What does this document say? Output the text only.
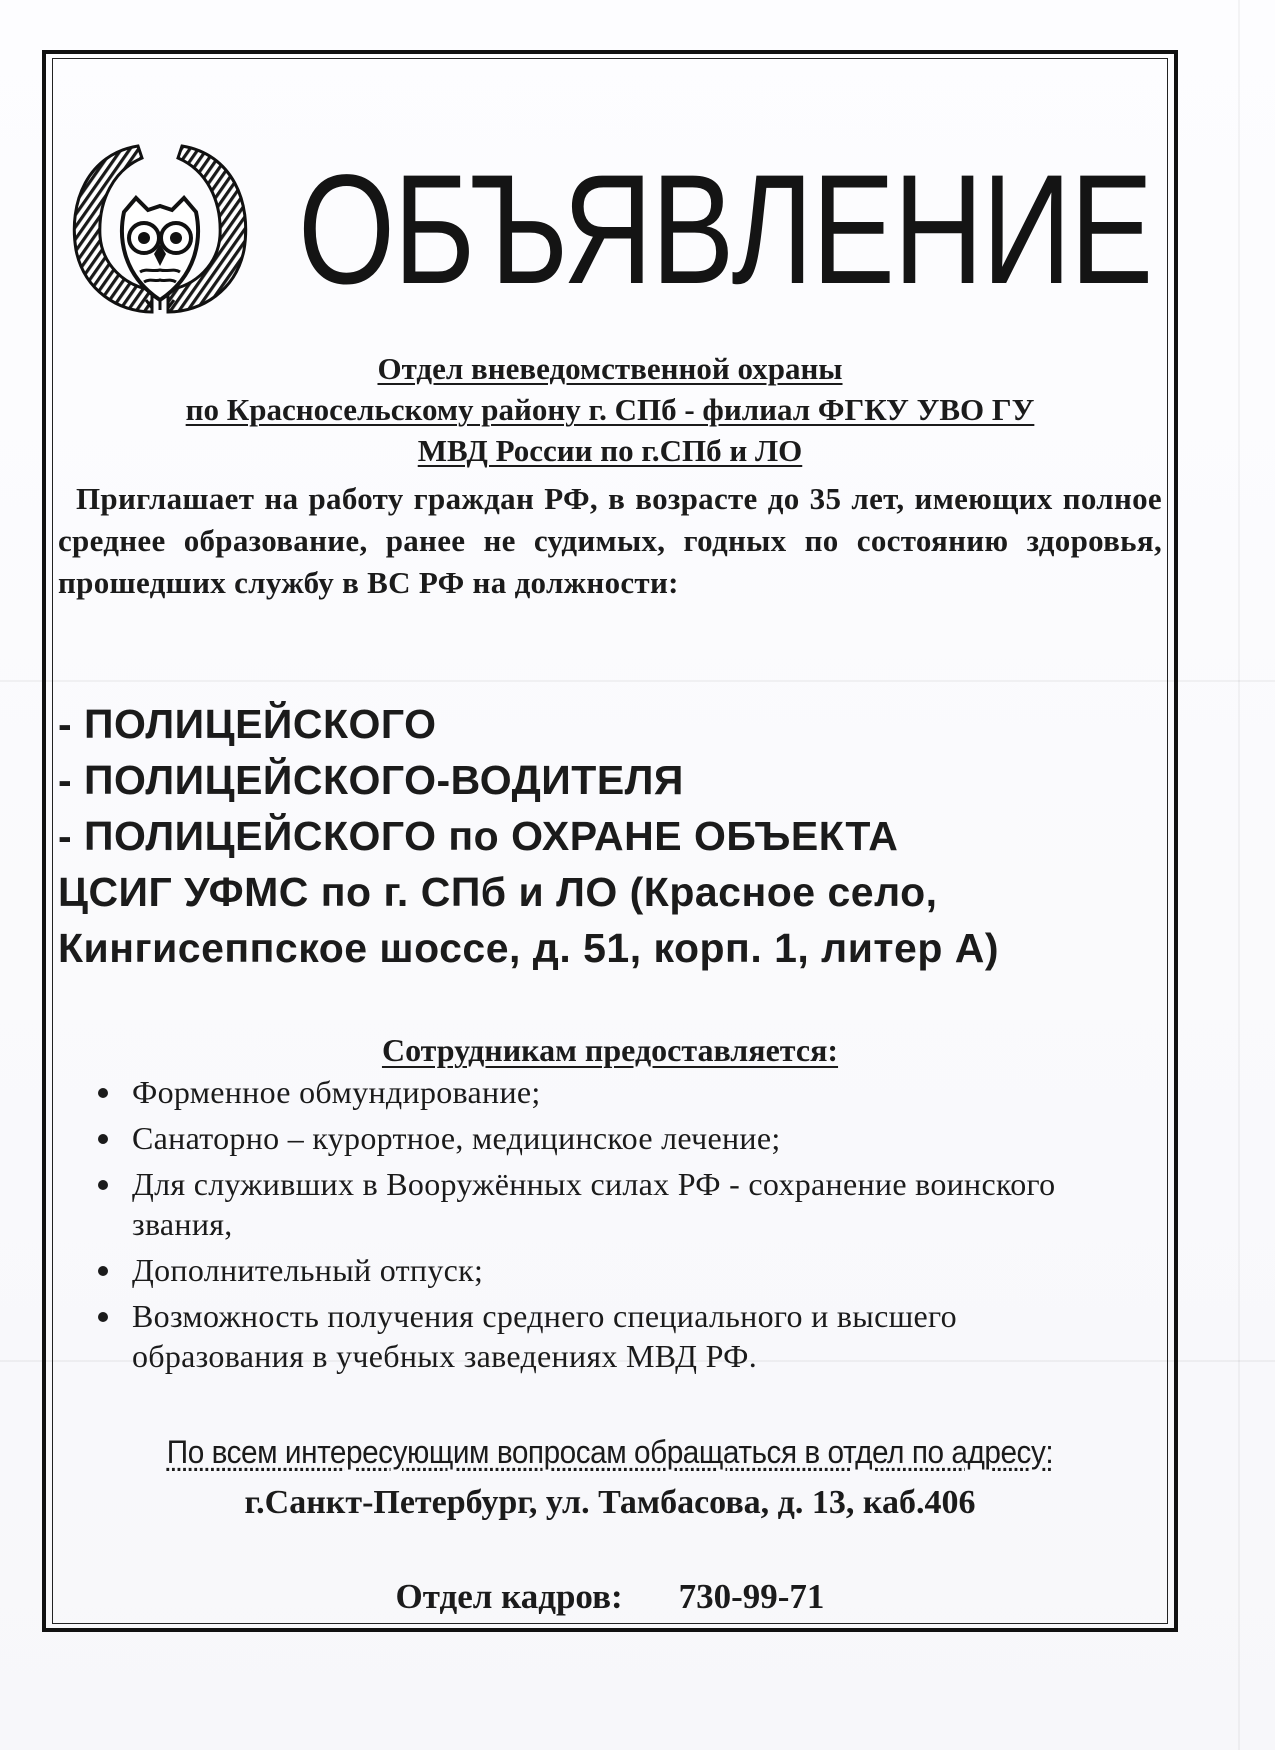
ОБЪЯВЛЕНИЕ
Отдел вневедомственной охраны
по Красносельскому району г. СПб - филиал ФГКУ УВО ГУ
МВД России по г.СПб и ЛО
Приглашает на работу граждан РФ, в возрасте до 35 лет, имеющих полное среднее образование, ранее не судимых, годных по состоянию здоровья, прошедших службу в ВС РФ на должности:
- ПОЛИЦЕЙСКОГО
- ПОЛИЦЕЙСКОГО-ВОДИТЕЛЯ
- ПОЛИЦЕЙСКОГО по ОХРАНЕ ОБЪЕКТА
ЦСИГ УФМС по г. СПб и ЛО (Красное село,
Кингисеппское шоссе, д. 51, корп. 1, литер А)
Сотрудникам предоставляется:
Форменное обмундирование;
Санаторно – курортное, медицинское лечение;
Для служивших в Вооружённых силах РФ - сохранение воинского звания,
Дополнительный отпуск;
Возможность получения среднего специального и высшего образования в учебных заведениях МВД РФ.
По всем интересующим вопросам обращаться в отдел по адресу:
г.Санкт-Петербург, ул. Тамбасова, д. 13, каб.406
Отдел кадров: 730-99-71
